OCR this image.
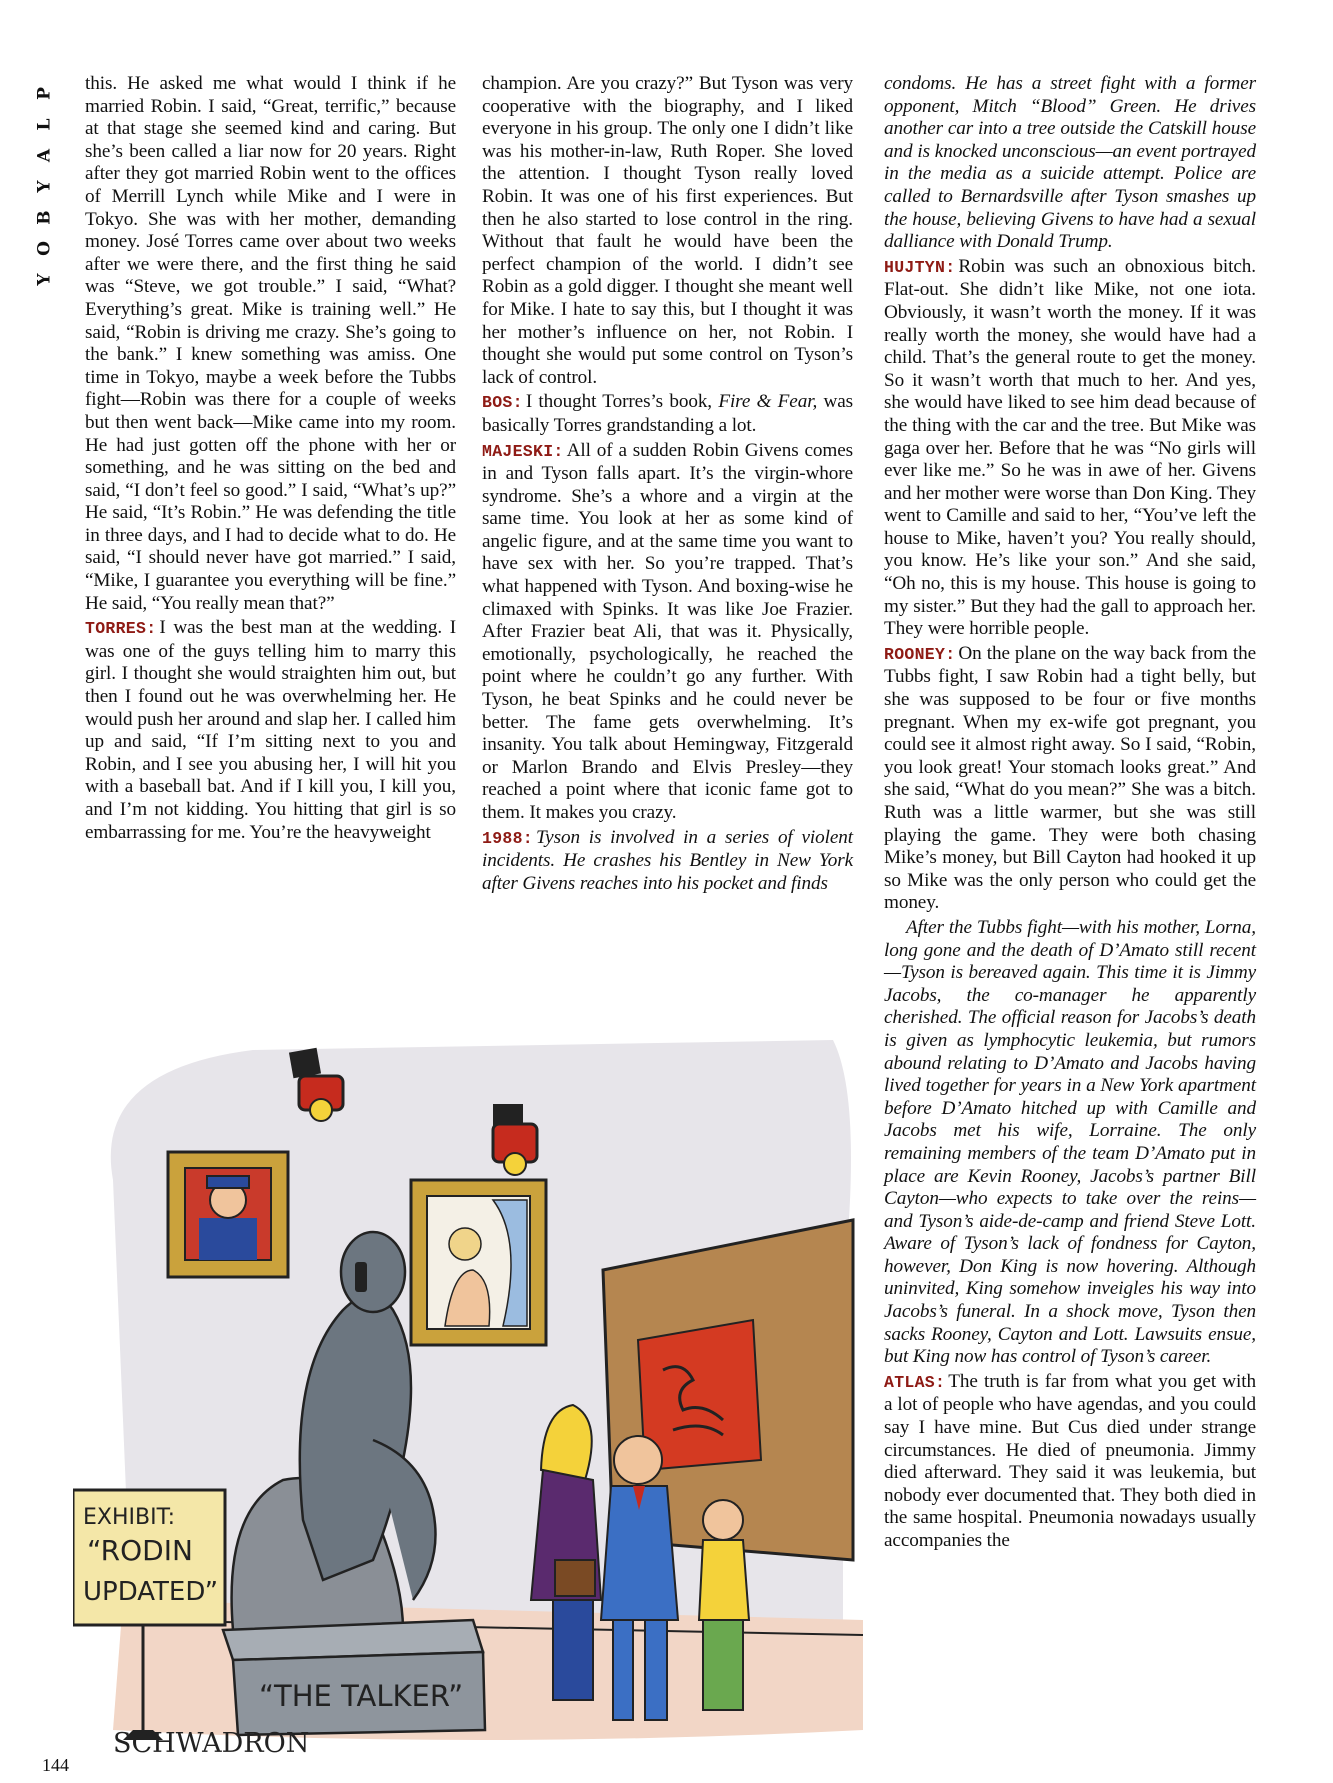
P
L
A
Y
B
O
Y

this. He asked me what would I think if he married Robin. I said, “Great, terrific,” because at that stage she seemed kind and caring. But she’s been called a liar now for 20 years. Right after they got married Robin went to the offices of Merrill Lynch while Mike and I were in Tokyo. She was with her mother, demanding money. José Torres came over about two weeks after we were there, and the first thing he said was “Steve, we got trouble.” I said, “What? Everything’s great. Mike is training well.” He said, “Robin is driving me crazy. She’s going to the bank.” I knew something was amiss. One time in Tokyo, maybe a week before the Tubbs fight—Robin was there for a couple of weeks but then went back—Mike came into my room. He had just gotten off the phone with her or something, and he was sitting on the bed and said, “I don’t feel so good.” I said, “What’s up?” He said, “It’s Robin.” He was defending the title in three days, and I had to decide what to do. He said, “I should never have got married.” I said, “Mike, I guarantee you everything will be fine.” He said, “You really mean that?”

TORRES: I was the best man at the wedding. I was one of the guys telling him to marry this girl. I thought she would straighten him out, but then I found out he was overwhelming her. He would push her around and slap her. I called him up and said, “If I’m sitting next to you and Robin, and I see you abusing her, I will hit you with a baseball bat. And if I kill you, I kill you, and I’m not kidding. You hitting that girl is so embarrassing for me. You’re the heavyweight

champion. Are you crazy?” But Tyson was very cooperative with the biography, and I liked everyone in his group. The only one I didn’t like was his mother-in-law, Ruth Roper. She loved the attention. I thought Tyson really loved Robin. It was one of his first experiences. But then he also started to lose control in the ring. Without that fault he would have been the perfect champion of the world. I didn’t see Robin as a gold digger. I thought she meant well for Mike. I hate to say this, but I thought it was her mother’s influence on her, not Robin. I thought she would put some control on Tyson’s lack of control.

BOS: I thought Torres’s book, Fire & Fear, was basically Torres grandstanding a lot.

MAJESKI: All of a sudden Robin Givens comes in and Tyson falls apart. It’s the virgin-whore syndrome. She’s a whore and a virgin at the same time. You look at her as some kind of angelic figure, and at the same time you want to have sex with her. So you’re trapped. That’s what happened with Tyson. And boxing-wise he climaxed with Spinks. It was like Joe Frazier. After Frazier beat Ali, that was it. Physically, emotionally, psychologically, he reached the point where he couldn’t go any further. With Tyson, he beat Spinks and he could never be better. The fame gets overwhelming. It’s insanity. You talk about Hemingway, Fitzgerald or Marlon Brando and Elvis Presley—they reached a point where that iconic fame got to them. It makes you crazy.

1988: Tyson is involved in a series of violent incidents. He crashes his Bentley in New York after Givens reaches into his pocket and finds

condoms. He has a street fight with a former opponent, Mitch “Blood” Green. He drives another car into a tree outside the Catskill house and is knocked unconscious—an event portrayed in the media as a suicide attempt. Police are called to Bernardsville after Tyson smashes up the house, believing Givens to have had a sexual dalliance with Donald Trump.

HUJTYN: Robin was such an obnoxious bitch. Flat-out. She didn’t like Mike, not one iota. Obviously, it wasn’t worth the money. If it was really worth the money, she would have had a child. That’s the general route to get the money. So it wasn’t worth that much to her. And yes, she would have liked to see him dead because of the thing with the car and the tree. But Mike was gaga over her. Before that he was “No girls will ever like me.” So he was in awe of her. Givens and her mother were worse than Don King. They went to Camille and said to her, “You’ve left the house to Mike, haven’t you? You really should, you know. He’s like your son.” And she said, “Oh no, this is my house. This house is going to my sister.” But they had the gall to approach her. They were horrible people.

ROONEY: On the plane on the way back from the Tubbs fight, I saw Robin had a tight belly, but she was supposed to be four or five months pregnant. When my ex-wife got pregnant, you could see it almost right away. So I said, “Robin, you look great! Your stomach looks great.” And she said, “What do you mean?” She was a bitch. Ruth was a little warmer, but she was still playing the game. They were both chasing Mike’s money, but Bill Cayton had hooked it up so Mike was the only person who could get the money.

After the Tubbs fight—with his mother, Lorna, long gone and the death of D’Amato still recent—Tyson is bereaved again. This time it is Jimmy Jacobs, the co-manager he apparently cherished. The official reason for Jacobs’s death is given as lymphocytic leukemia, but rumors abound relating to D’Amato and Jacobs having lived together for years in a New York apartment before D’Amato hitched up with Camille and Jacobs met his wife, Lorraine. The only remaining members of the team D’Amato put in place are Kevin Rooney, Jacobs’s partner Bill Cayton—who expects to take over the reins—and Tyson’s aide-de-camp and friend Steve Lott. Aware of Tyson’s lack of fondness for Cayton, however, Don King is now hovering. Although uninvited, King somehow inveigles his way into Jacobs’s funeral. In a shock move, Tyson then sacks Rooney, Cayton and Lott. Lawsuits ensue, but King now has control of Tyson’s career.

ATLAS: The truth is far from what you get with a lot of people who have agendas, and you could say I have mine. But Cus died under strange circumstances. He died of pneumonia. Jimmy died afterward. They said it was leukemia, but nobody ever documented that. They both died in the same hospital. Pneumonia nowadays usually accompanies the

“THE TALKER”
EXHIBIT:
“RODIN
UPDATED”
SCHWADRON
144
